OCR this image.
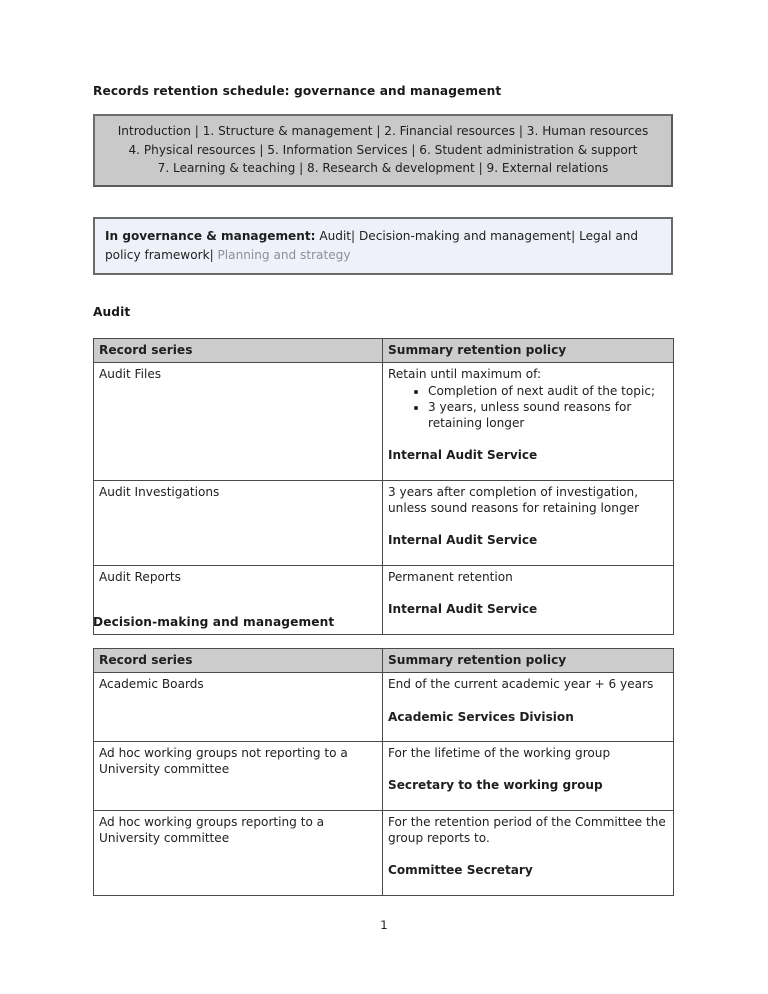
Records retention schedule: governance and management
Introduction | 1. Structure & management | 2. Financial resources | 3. Human resources
4. Physical resources | 5. Information Services | 6. Student administration & support
7. Learning & teaching | 8. Research & development | 9. External relations
In governance & management: Audit| Decision-making and management| Legal and policy framework| Planning and strategy
Audit
Record series	Summary retention policy
Audit Files	Retain until maximum of:

• Completion of next audit of the topic;
• 3 years, unless sound reasons for retaining longer

Internal Audit Service

Audit Investigations	3 years after completion of investigation, unless sound reasons for retaining longer

Internal Audit Service

Audit Reports	Permanent retention

Internal Audit Service

Decision-making and management
Record series	Summary retention policy
Academic Boards	End of the current academic year + 6 years

Academic Services Division

Ad hoc working groups not reporting to a University committee	For the lifetime of the working group

Secretary to the working group

Ad hoc working groups reporting to a University committee	For the retention period of the Committee the group reports to.

Committee Secretary

1
